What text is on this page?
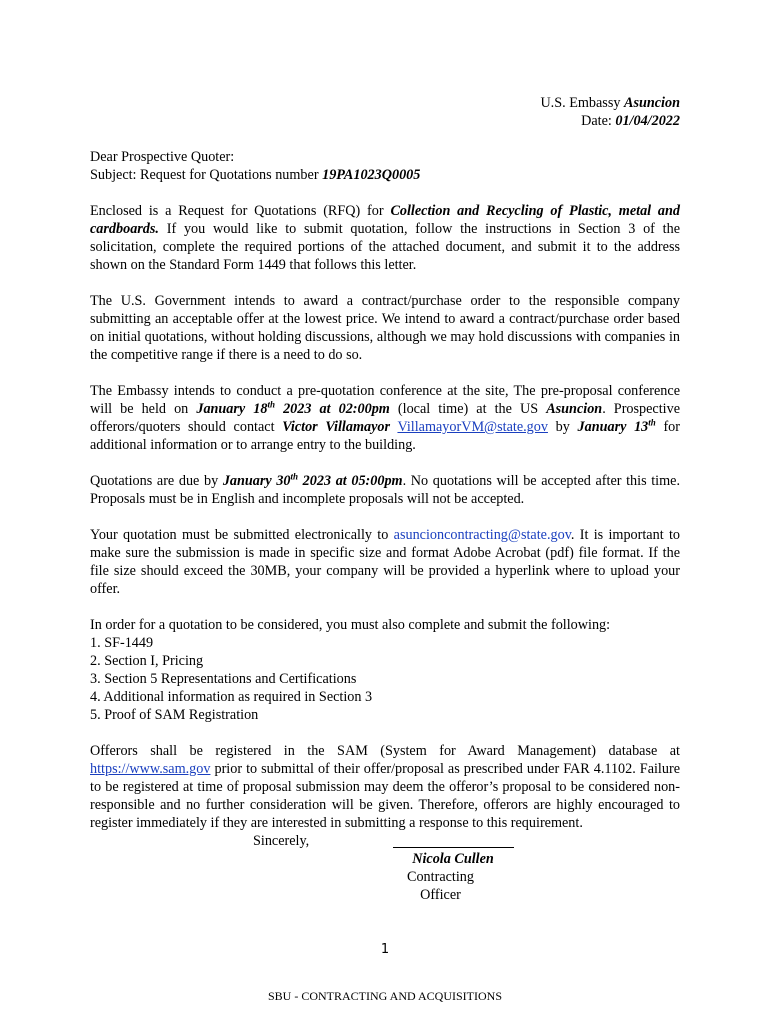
U.S. Embassy Asuncion

Date: 01/04/2022

Dear Prospective Quoter:

Subject: Request for Quotations number 19PA1023Q0005

Enclosed is a Request for Quotations (RFQ) for Collection and Recycling of Plastic, metal and cardboards. If you would like to submit quotation, follow the instructions in Section 3 of the solicitation, complete the required portions of the attached document, and submit it to the address shown on the Standard Form 1449 that follows this letter.

The U.S. Government intends to award a contract/purchase order to the responsible company submitting an acceptable offer at the lowest price. We intend to award a contract/purchase order based on initial quotations, without holding discussions, although we may hold discussions with companies in the competitive range if there is a need to do so.

The Embassy intends to conduct a pre-quotation conference at the site, The pre-proposal conference will be held on January 18th 2023 at 02:00pm (local time) at the US Asuncion. Prospective offerors/quoters should contact Victor Villamayor VillamayorVM@state.gov by January 13th for additional information or to arrange entry to the building.

Quotations are due by January 30th 2023 at 05:00pm. No quotations will be accepted after this time. Proposals must be in English and incomplete proposals will not be accepted.

Your quotation must be submitted electronically to asuncioncontracting@state.gov. It is important to make sure the submission is made in specific size and format Adobe Acrobat (pdf) file format. If the file size should exceed the 30MB, your company will be provided a hyperlink where to upload your offer.

In order for a quotation to be considered, you must also complete and submit the following:

1. SF-1449
2. Section I, Pricing
3. Section 5 Representations and Certifications
4. Additional information as required in Section 3
5. Proof of SAM Registration

Offerors shall be registered in the SAM (System for Award Management) database at https://www.sam.gov prior to submittal of their offer/proposal as prescribed under FAR 4.1102. Failure to be registered at time of proposal submission may deem the offeror’s proposal to be considered non-responsible and no further consideration will be given. Therefore, offerors are highly encouraged to register immediately if they are interested in submitting a response to this requirement.

Sincerely,
Nicola Cullen
Contracting Officer
1
SBU - CONTRACTING AND ACQUISITIONS
